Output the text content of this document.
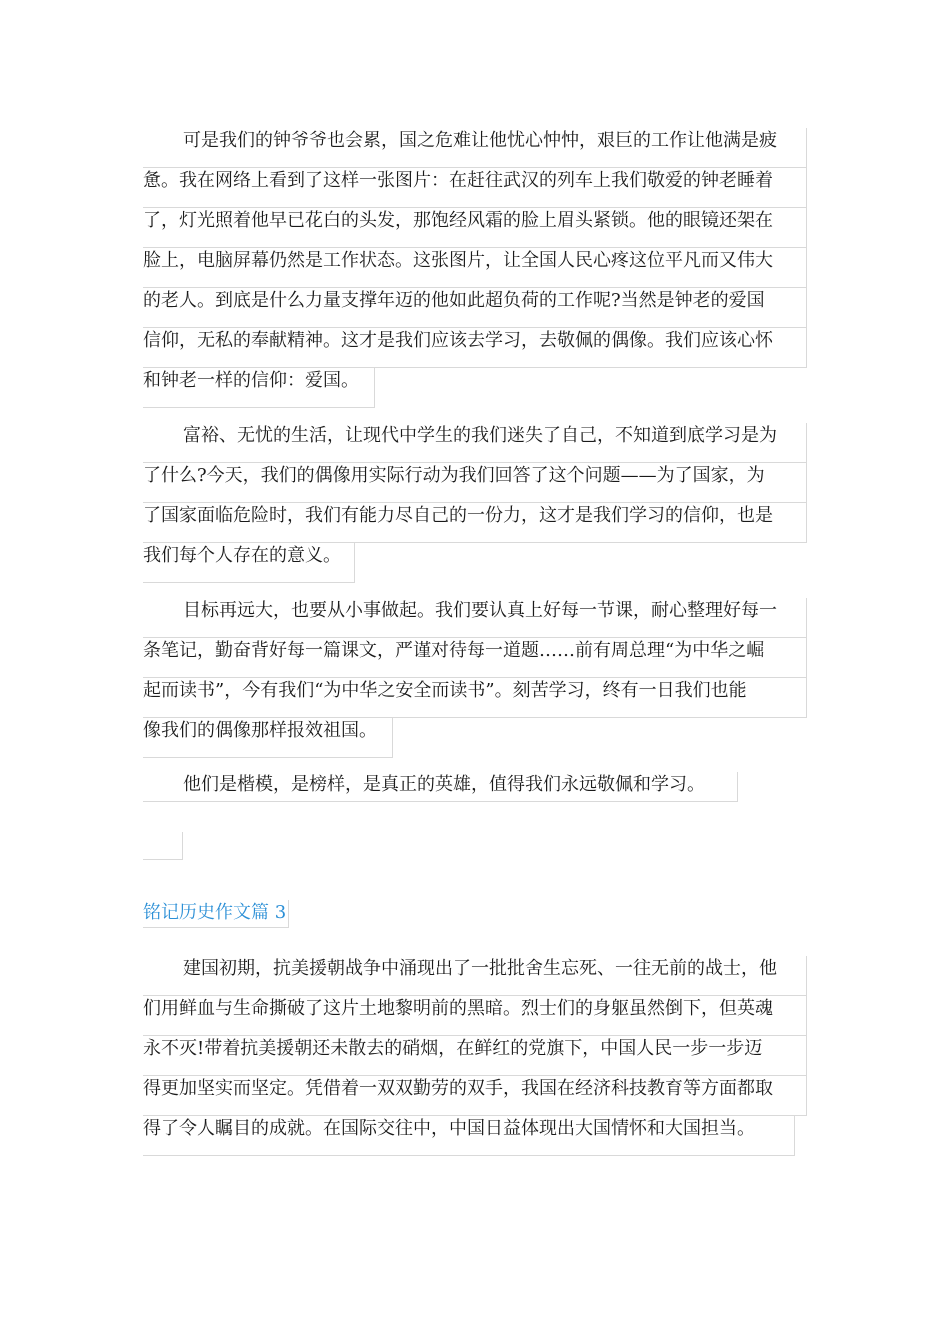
可是我们的钟爷爷也会累，国之危难让他忧心忡忡，艰巨的工作让他满是疲
惫。我在网络上看到了这样一张图片：在赶往武汉的列车上我们敬爱的钟老睡着
了，灯光照着他早已花白的头发，那饱经风霜的脸上眉头紧锁。他的眼镜还架在
脸上，电脑屏幕仍然是工作状态。这张图片，让全国人民心疼这位平凡而又伟大
的老人。到底是什么力量支撑年迈的他如此超负荷的工作呢?当然是钟老的爱国
信仰，无私的奉献精神。这才是我们应该去学习，去敬佩的偶像。我们应该心怀
和钟老一样的信仰：爱国。
富裕、无忧的生活，让现代中学生的我们迷失了自己，不知道到底学习是为
了什么?今天，我们的偶像用实际行动为我们回答了这个问题——为了国家，为
了国家面临危险时，我们有能力尽自己的一份力，这才是我们学习的信仰，也是
我们每个人存在的意义。
目标再远大，也要从小事做起。我们要认真上好每一节课，耐心整理好每一
条笔记，勤奋背好每一篇课文，严谨对待每一道题……前有周总理“为中华之崛
起而读书”，今有我们“为中华之安全而读书”。刻苦学习，终有一日我们也能
像我们的偶像那样报效祖国。
他们是楷模，是榜样，是真正的英雄，值得我们永远敬佩和学习。
铭记历史作文篇 3
建国初期，抗美援朝战争中涌现出了一批批舍生忘死、一往无前的战士，他
们用鲜血与生命撕破了这片土地黎明前的黑暗。烈士们的身躯虽然倒下，但英魂
永不灭!带着抗美援朝还未散去的硝烟，在鲜红的党旗下，中国人民一步一步迈
得更加坚实而坚定。凭借着一双双勤劳的双手，我国在经济科技教育等方面都取
得了令人瞩目的成就。在国际交往中，中国日益体现出大国情怀和大国担当。
